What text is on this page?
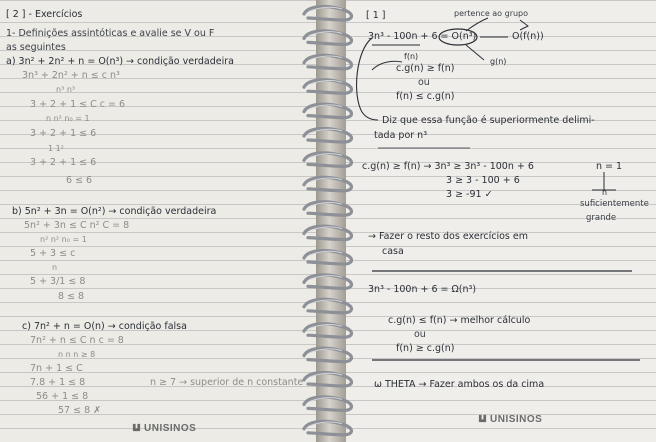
[ 2 ] - Exercícios
1- Definições assintóticas e avalie se V ou F
as seguintes
a) 3n² + 2n² + n = O(n³) → condição verdadeira
3n³ + 2n² + n ≤ c n³
n³ n³
3 + 2 + 1 ≤ C c = 6
n n² n₀ = 1
3 + 2 + 1 ≤ 6
1 1²
3 + 2 + 1 ≤ 6
6 ≤ 6
b) 5n² + 3n = O(n²) → condição verdadeira
5n² + 3n ≤ C n² C = 8
n² n² n₀ = 1
5 + 3 ≤ c
n
5 + 3/1 ≤ 8
8 ≤ 8
c) 7n² + n = O(n) → condição falsa
7n² + n ≤ C n c = 8
n n n ≥ 8
7n + 1 ≤ C
7.8 + 1 ≤ 8	n ≥ 7 → superior de n constante
56 + 1 ≤ 8
57 ≤ 8 ✗
UNISINOS
[ 1 ]	pertence ao grupo
3n³ - 100n + 6 = O(n³)	O(f(n))
f(n)
g(n)
c.g(n) ≥ f(n)
ou
f(n) ≤ c.g(n)
Diz que essa função é superiormente delimi-
tada por n³
c.g(n) ≥ f(n) → 3n³ ≥ 3n³ - 100n + 6
3 ≥ 3 - 100 + 6
3 ≥ -91 ✓
n = 1
n
suficientemente
grande
→ Fazer o resto dos exercícios em
casa
3n³ - 100n + 6 = Ω(n³)
c.g(n) ≤ f(n) → melhor cálculo
ou
f(n) ≥ c.g(n)
ω THETA → Fazer ambos os da cima
UNISINOS
